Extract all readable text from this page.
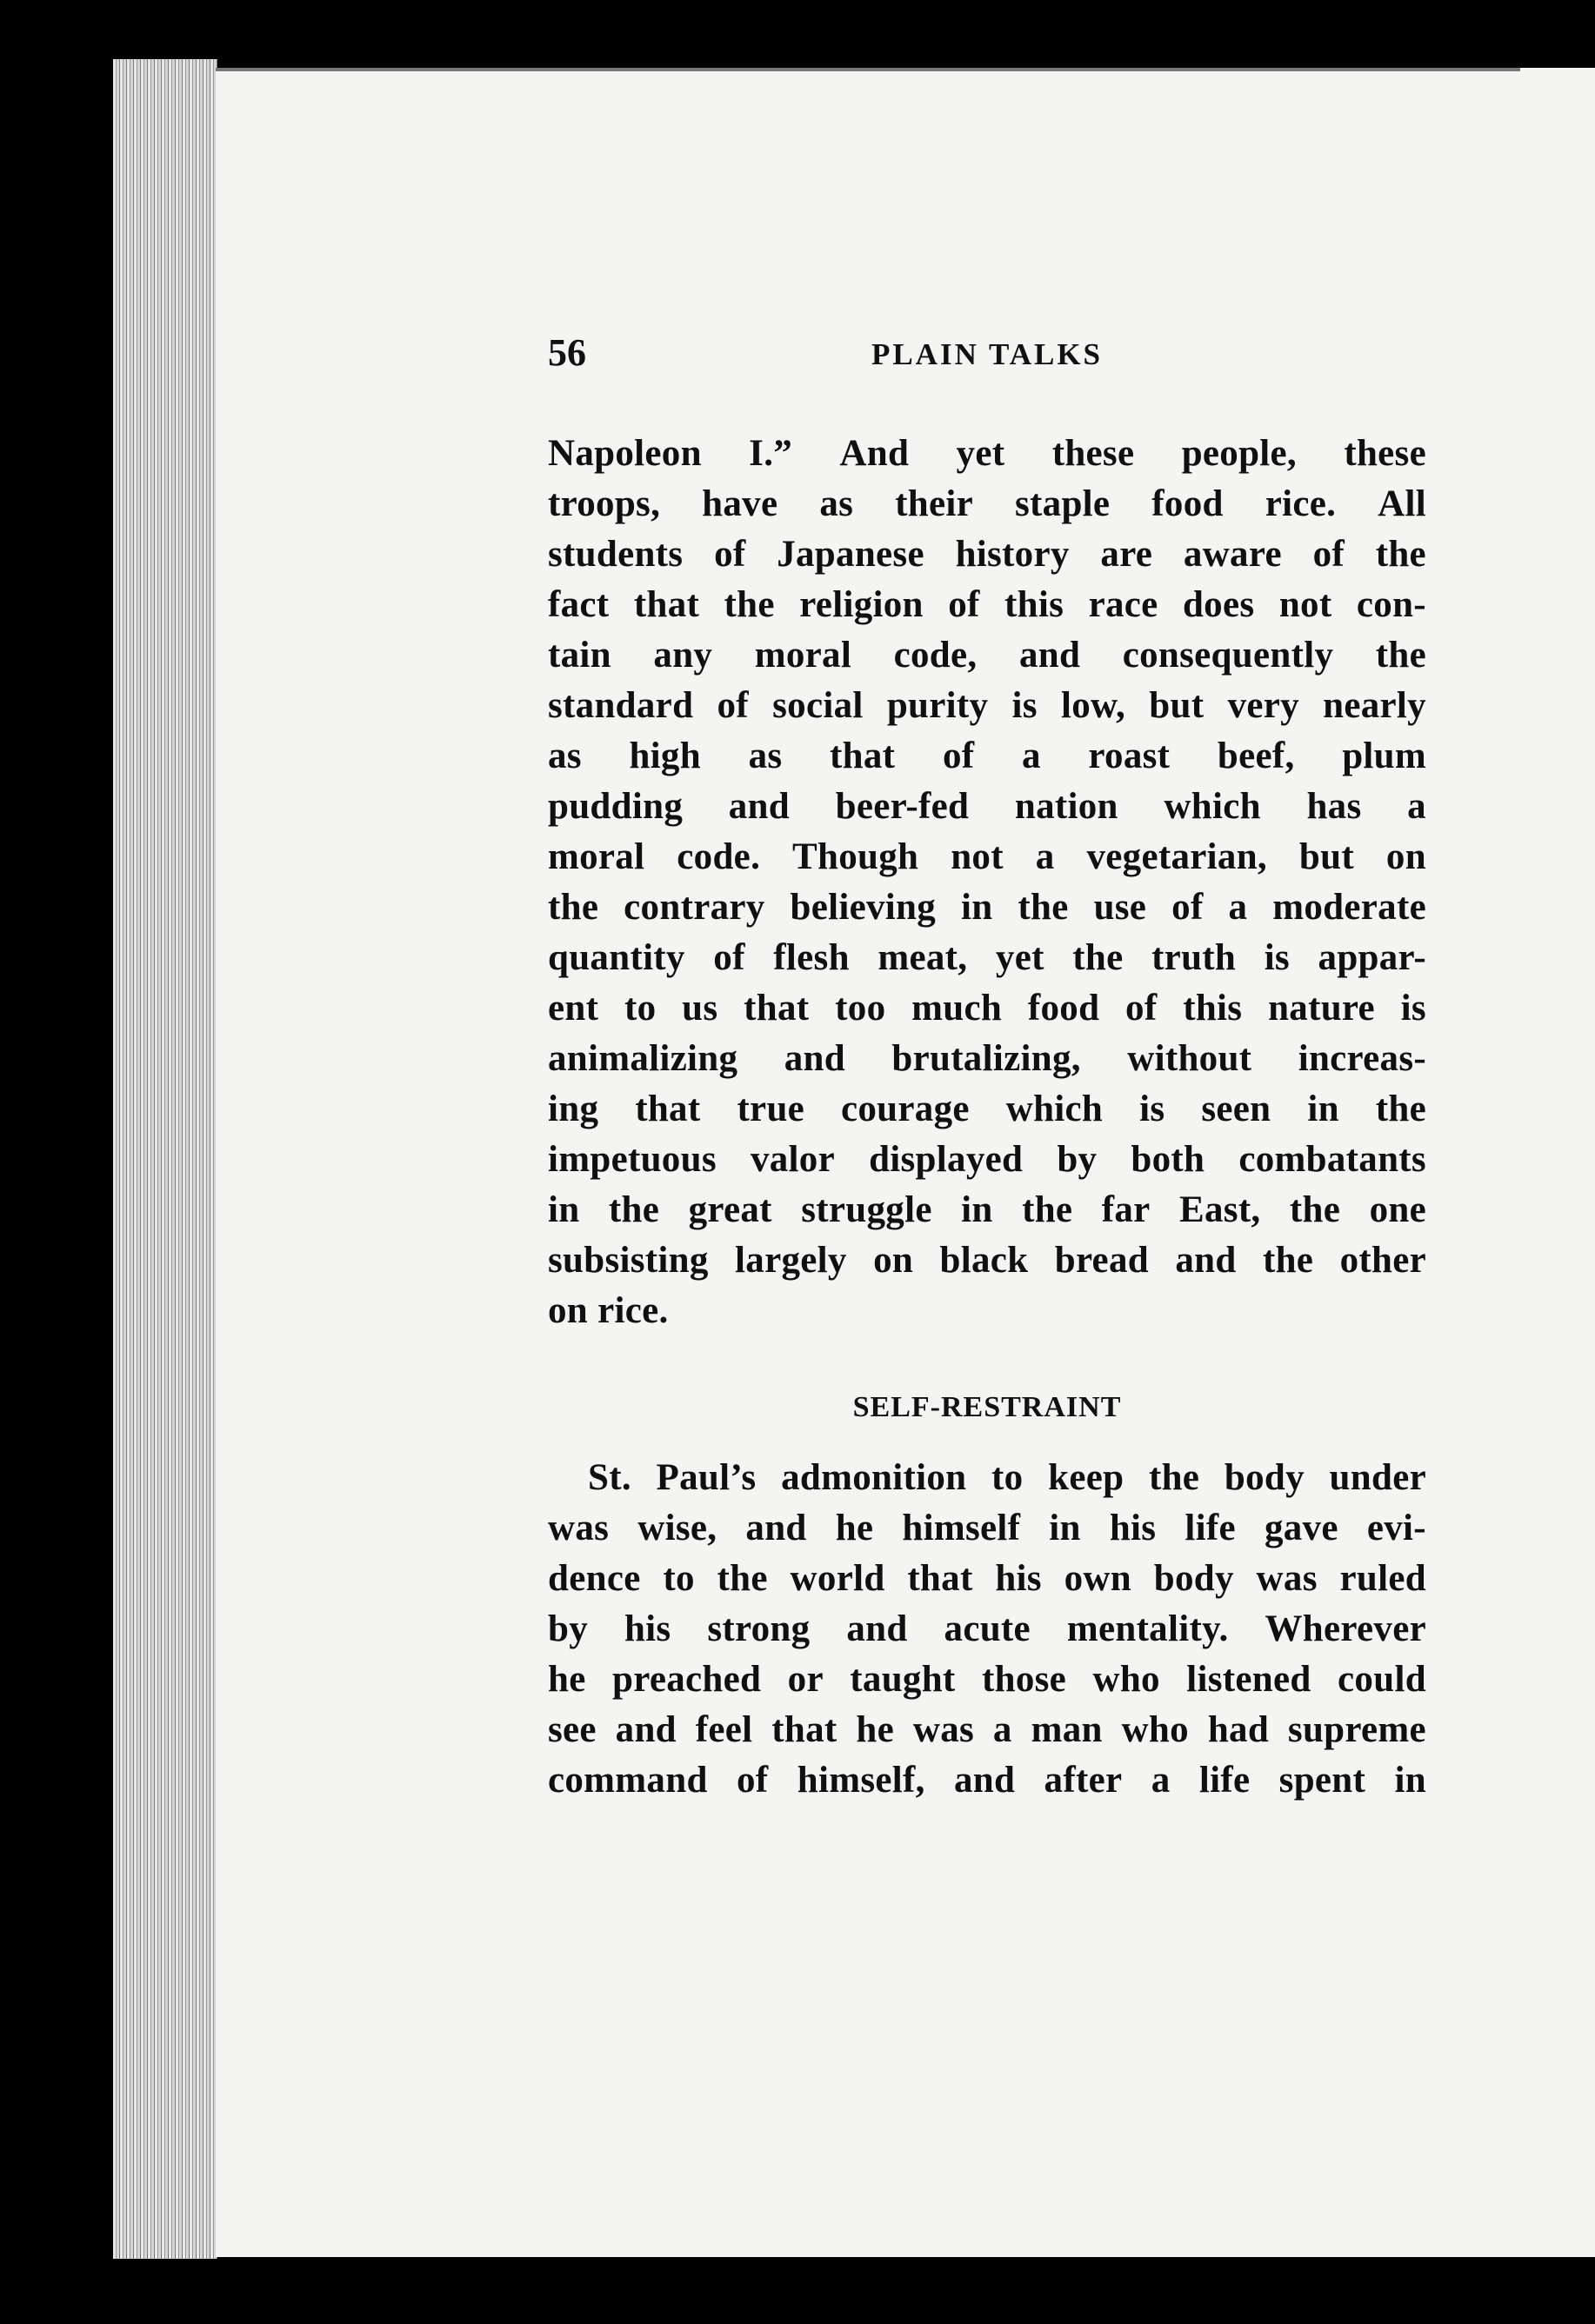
56	PLAIN TALKS
Napoleon I.” And yet these people, these
troops, have as their staple food rice. All
students of Japanese history are aware of the
fact that the religion of this race does not con-
tain any moral code, and consequently the
standard of social purity is low, but very nearly
as high as that of a roast beef, plum
pudding and beer-fed nation which has a
moral code. Though not a vegetarian, but on
the contrary believing in the use of a moderate
quantity of flesh meat, yet the truth is appar-
ent to us that too much food of this nature is
animalizing and brutalizing, without increas-
ing that true courage which is seen in the
impetuous valor displayed by both combatants
in the great struggle in the far East, the one
subsisting largely on black bread and the other
on rice.
SELF-RESTRAINT
St. Paul’s admonition to keep the body under
was wise, and he himself in his life gave evi-
dence to the world that his own body was ruled
by his strong and acute mentality. Wherever
he preached or taught those who listened could
see and feel that he was a man who had supreme
command of himself, and after a life spent in
